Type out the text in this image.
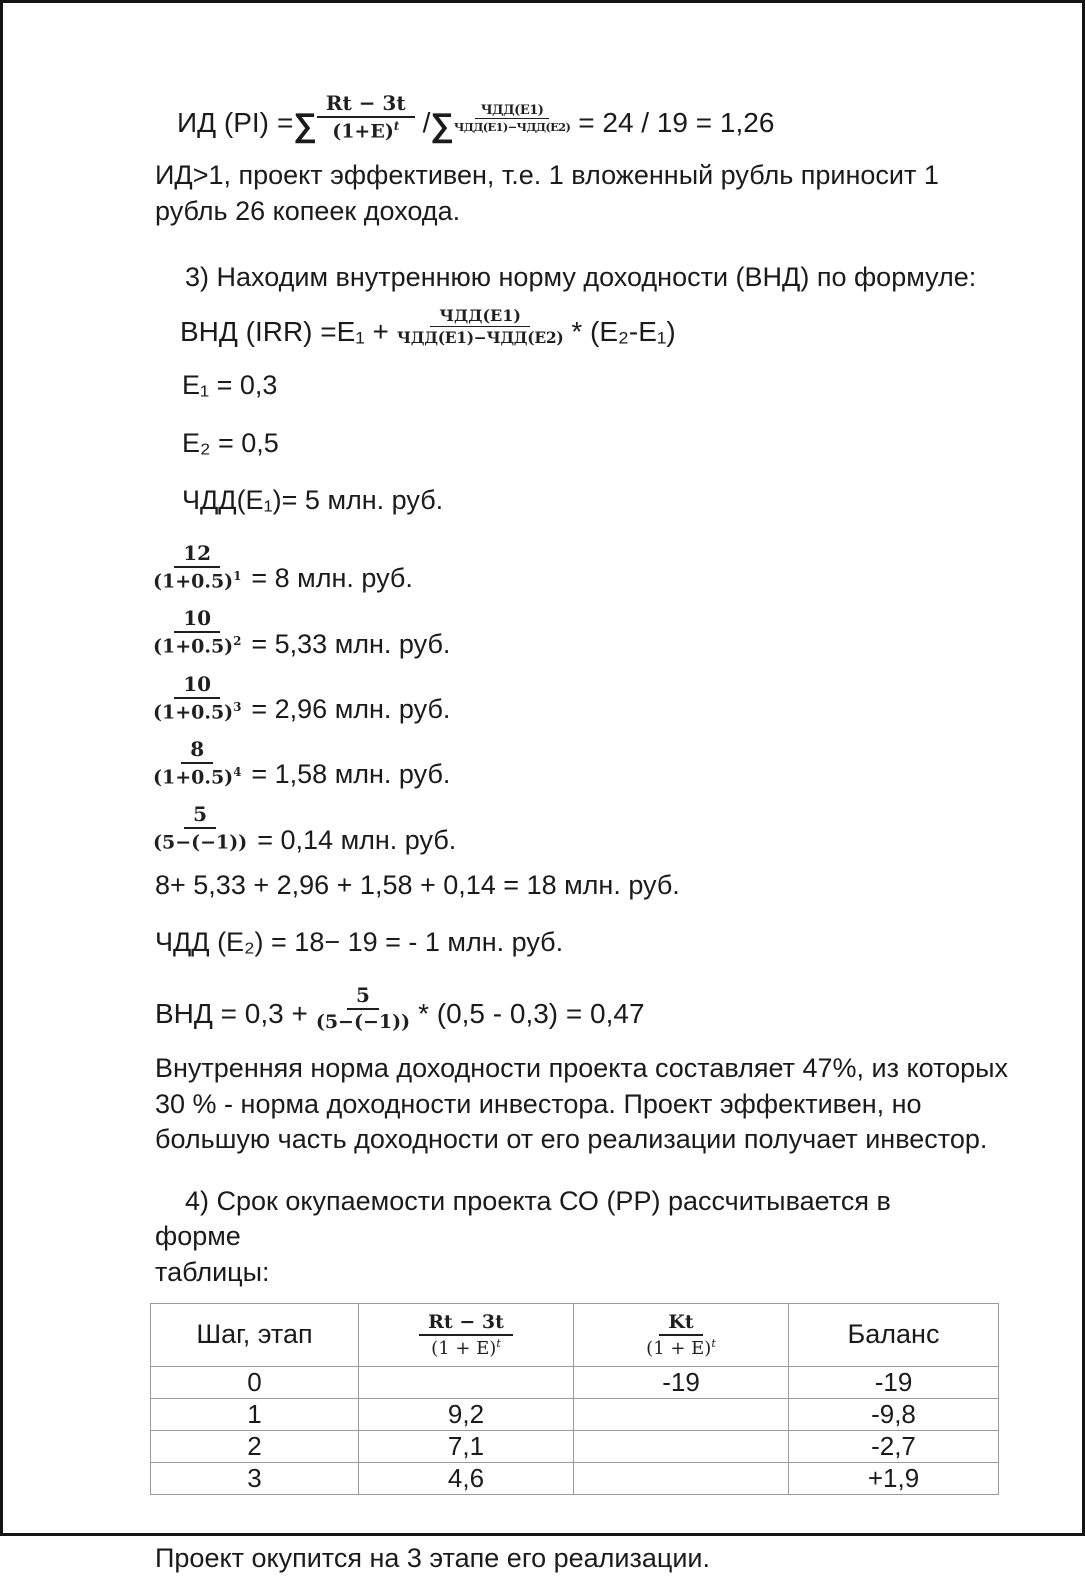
ИД (PI) = ∑ $\frac{Rt - 3t}{(1+E)^t}$ / ∑ $\frac{\text{ЧДД(Е1)}}{\text{ЧДД(Е1)−ЧДД(Е2)}} = 24 / 19 = 1,26$

ИД>1, проект эффективен, т.е. 1 вложенный рубль приносит 1 рубль 26 копеек дохода.

3) Находим внутреннюю норму доходности (ВНД) по формуле:

ВНД $(IRR) =E_1 + \frac{\text{ЧДД(Е1)}}{\text{ЧДД(Е1)−ЧДД(Е2)}} * (E_2-E_1)$

E₁ = 0,3

E₂ = 0,5

ЧДД(Е₁)= 5 млн. руб.

$\frac{12}{(1+0.5)^1} = 8$ млн. руб.
$\frac{10}{(1+0.5)^2} = 5,33$ млн. руб.
$\frac{10}{(1+0.5)^3} = 2,96$ млн. руб.
$\frac{8}{(1+0.5)^4} = 1,58$ млн. руб.
$\frac{5}{(5-(-1))} = 0,14$ млн. руб.

8+ 5,33 + 2,96 + 1,58 + 0,14 = 18 млн. руб.

ЧДД (Е₂) = 18− 19 = - 1 млн. руб.

ВНД = $0,3 + \frac{5}{(5-(-1))} * (0,5 - 0,3) = 0,47$

Внутренняя норма доходности проекта составляет 47%, из которых 30 % - норма доходности инвестора. Проект эффективен, но большую часть доходности от его реализации получает инвестор.

4) Срок окупаемости проекта СО (РР) рассчитывается в форме

таблицы:

Шаг, этап	$\frac{Rt - 3t}{(1 + E)^t}$	$\frac{Kt}{(1 + E)^t}$	Баланс
0		-19	-19
1	9,2		-9,8
2	7,1		-2,7
3	4,6		+1,9

Проект окупится на 3 этапе его реализации.
